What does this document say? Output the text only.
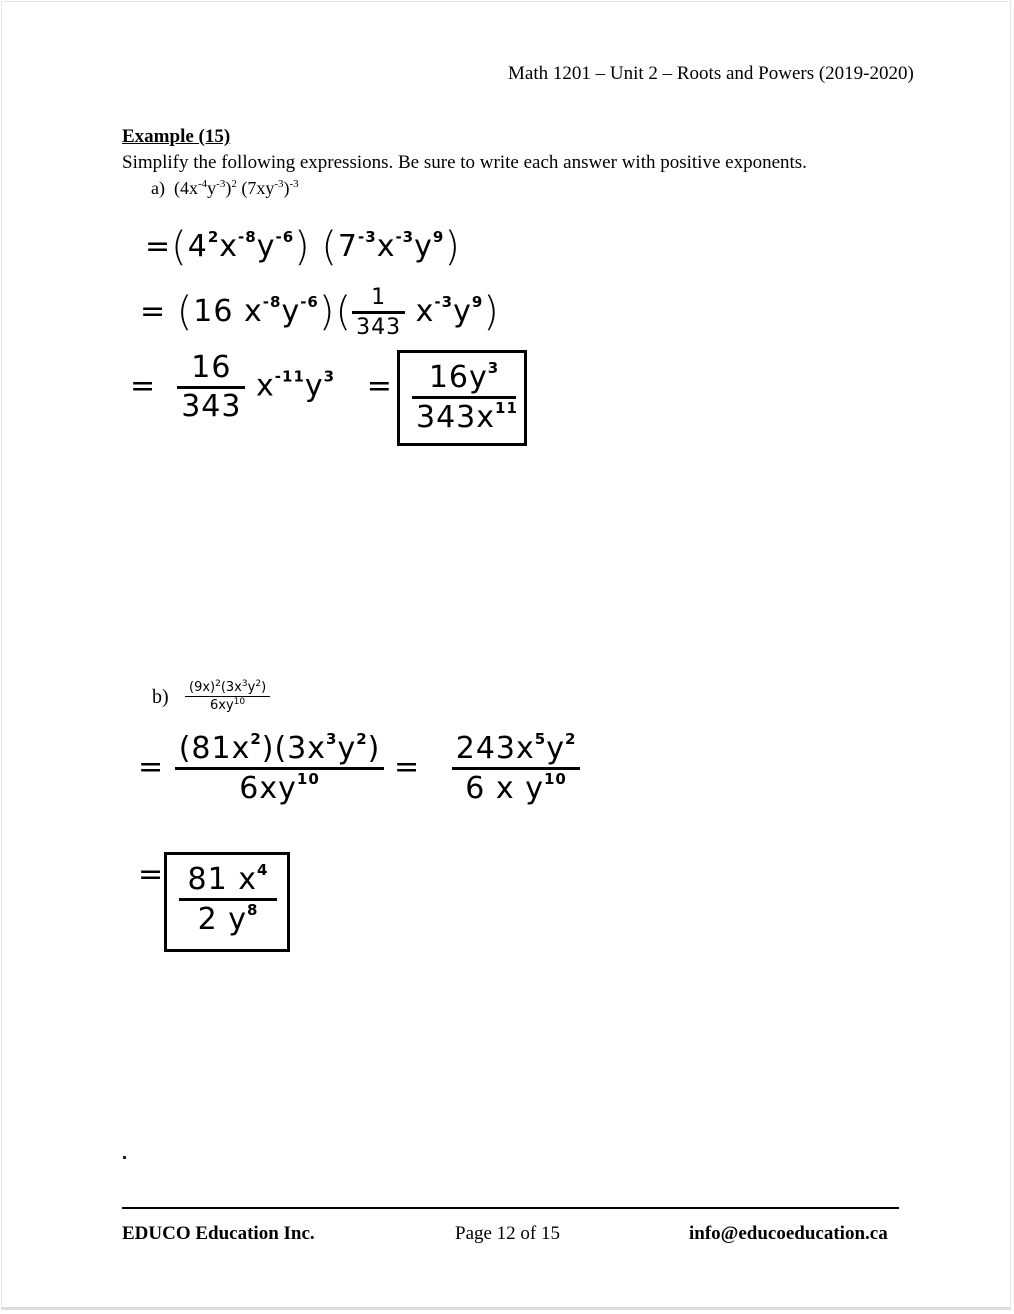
Math 1201 – Unit 2 – Roots and Powers (2019-2020)
Example (15)
Simplify the following expressions. Be sure to write each answer with positive exponents.
a) $(4x^{-4}y^{-3})^2$ $(7xy^{-3})^{-3}$
$=(4^2x^{-8}y^{-6})$ $(7^{-3}x^{-3}y^9)$
= (16 $x^{-8}y^{-6})( \frac{1}{343} x^{-3}y^9)$
= $\frac{16}{343} x^{-11}y^3$ =	$16y^3$
$343x^{11}$
$b) \frac{(9x)^2(3x^3y^2)}{6xy^{10}}$
= $\frac{(81x^2)(3x^3y^2)}{6xy^{10}} = \frac{243x^5y^2}{6 x y^{10}}$
= 81 $x^4$
2 $y^8$
EDUCO Education Inc.	Page 12 of 15	info@educoeducation.ca
